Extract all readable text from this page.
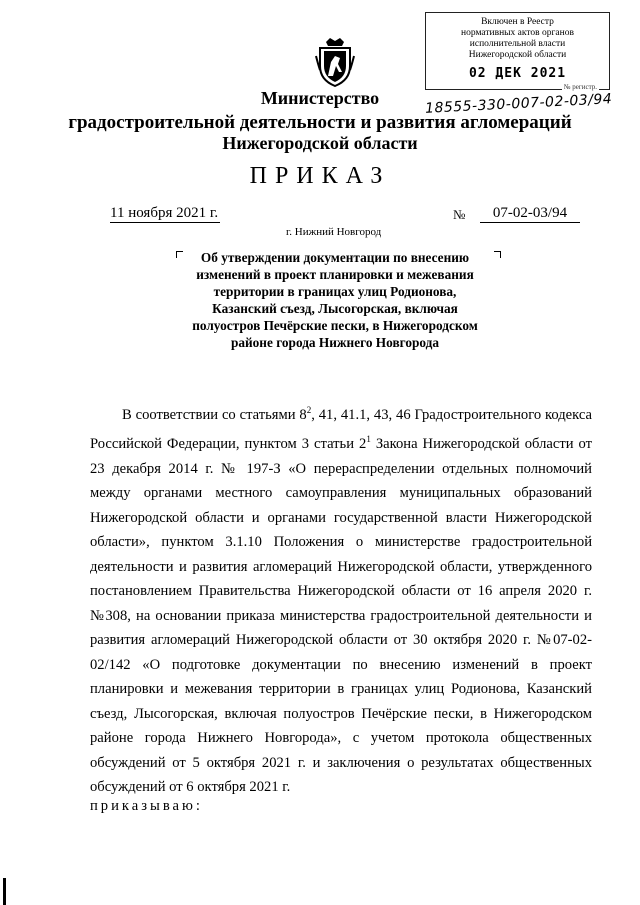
Включен в Реестр
нормативных актов органов
исполнительной власти
Нижегородской области
02 ДЕК 2021
№ регистр.
18555-330-007-02-03/94
Министерство
градостроительной деятельности и развития агломераций
Нижегородской области
ПРИКАЗ
11 ноября 2021 г.	№	07-02-03/94
г. Нижний Новгород
Об утверждении документации по внесению изменений в проект планировки и межевания территории в границах улиц Родионова, Казанский съезд, Лысогорская, включая полуостров Печёрские пески, в Нижегородском районе города Нижнего Новгорода
В соответствии со статьями $8^2$, 41, 41.1, 43, 46 Градостроительного кодекса Российской Федерации, пунктом 3 статьи $2^1$ Закона Нижегородской области от 23 декабря 2014 г. № 197-З «О перераспределении отдельных полномочий между органами местного самоуправления муниципальных образований Нижегородской области и органами государственной власти Нижегородской области», пунктом 3.1.10 Положения о министерстве градостроительной деятельности и развития агломераций Нижегородской области, утвержденного постановлением Правительства Нижегородской области от 16 апреля 2020 г. №308, на основании приказа министерства градостроительной деятельности и развития агломераций Нижегородской области от 30 октября 2020 г. №07-02-02/142 «О подготовке документации по внесению изменений в проект планировки и межевания территории в границах улиц Родионова, Казанский съезд, Лысогорская, включая полуостров Печёрские пески, в Нижегородском районе города Нижнего Новгорода», с учетом протокола общественных обсуждений от 5 октября 2021 г. и заключения о результатах общественных обсуждений от 6 октября 2021 г.
приказываю:
